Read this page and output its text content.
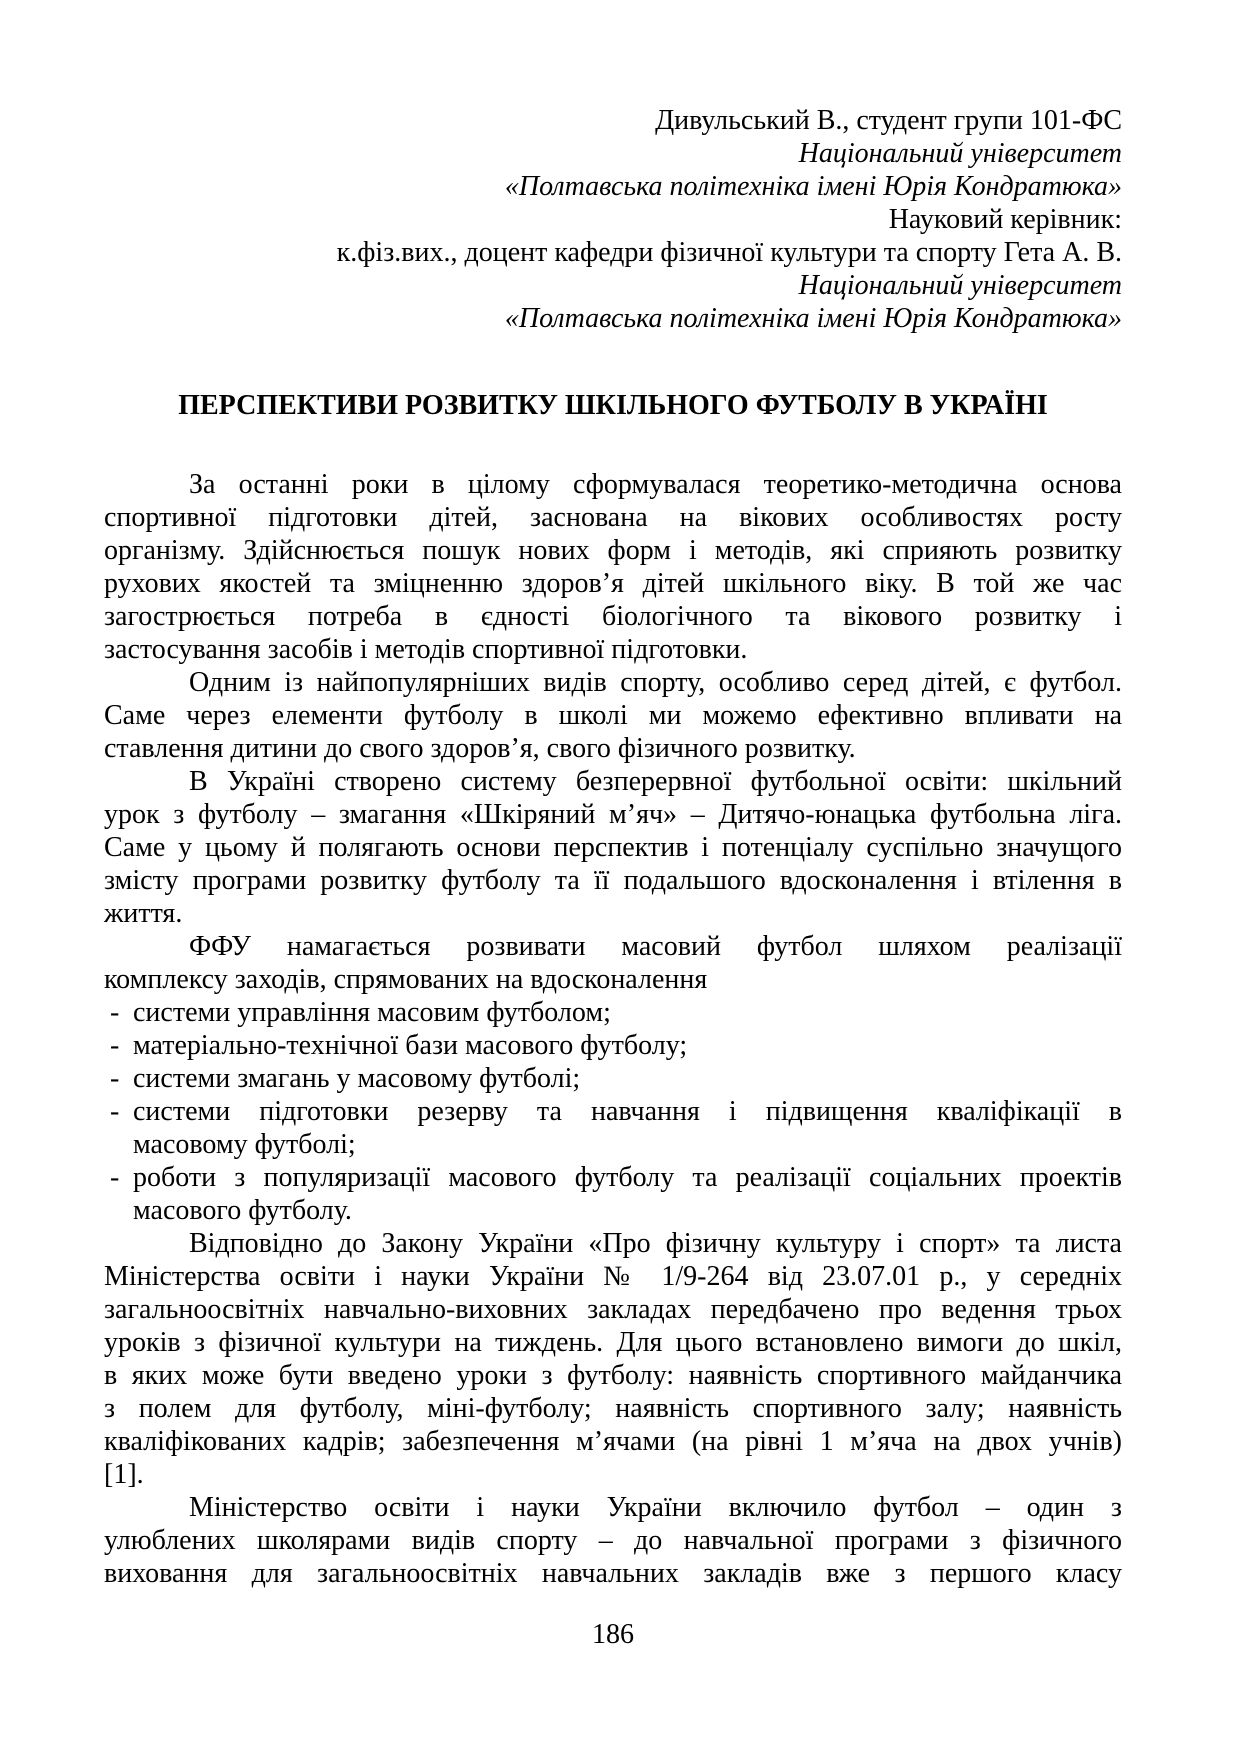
Дивульський В., студент групи 101-ФС
Національний університет
«Полтавська політехніка імені Юрія Кондратюка»
Науковий керівник:
к.фіз.вих., доцент кафедри фізичної культури та спорту Гета А. В.
Національний університет
«Полтавська політехніка імені Юрія Кондратюка»
ПЕРСПЕКТИВИ РОЗВИТКУ ШКІЛЬНОГО ФУТБОЛУ В УКРАЇНІ
За останні роки в цілому сформувалася теоретико-методична основа
спортивної підготовки дітей, заснована на вікових особливостях росту
організму. Здійснюється пошук нових форм і методів, які сприяють розвитку
рухових якостей та зміцненню здоров’я дітей шкільного віку. В той же час
загострюється потреба в єдності біологічного та вікового розвитку і
застосування засобів і методів спортивної підготовки.
Одним із найпопулярніших видів спорту, особливо серед дітей, є футбол.
Саме через елементи футболу в школі ми можемо ефективно впливати на
ставлення дитини до свого здоров’я, свого фізичного розвитку.
В Україні створено систему безперервної футбольної освіти: шкільний
урок з футболу – змагання «Шкіряний м’яч» – Дитячо-юнацька футбольна ліга.
Саме у цьому й полягають основи перспектив і потенціалу суспільно значущого
змісту програми розвитку футболу та її подальшого вдосконалення і втілення в
життя.
ФФУ намагається розвивати масовий футбол шляхом реалізації
комплексу заходів, спрямованих на вдосконалення
- системи управління масовим футболом;
- матеріально-технічної бази масового футболу;
- системи змагань у масовому футболі;
- системи підготовки резерву та навчання і підвищення кваліфікації в
масовому футболі;
- роботи з популяризації масового футболу та реалізації соціальних проектів
масового футболу.
Відповідно до Закону України «Про фізичну культуру і спорт» та листа
Міністерства освіти і науки України № 1/9-264 від 23.07.01 р., у середніх
загальноосвітніх навчально-виховних закладах передбачено про ведення трьох
уроків з фізичної культури на тиждень. Для цього встановлено вимоги до шкіл,
в яких може бути введено уроки з футболу: наявність спортивного майданчика
з полем для футболу, міні-футболу; наявність спортивного залу; наявність
кваліфікованих кадрів; забезпечення м’ячами (на рівні 1 м’яча на двох учнів)
[1].
Міністерство освіти і науки України включило футбол – один з
улюблених школярами видів спорту – до навчальної програми з фізичного
виховання для загальноосвітніх навчальних закладів вже з першого класу
186
